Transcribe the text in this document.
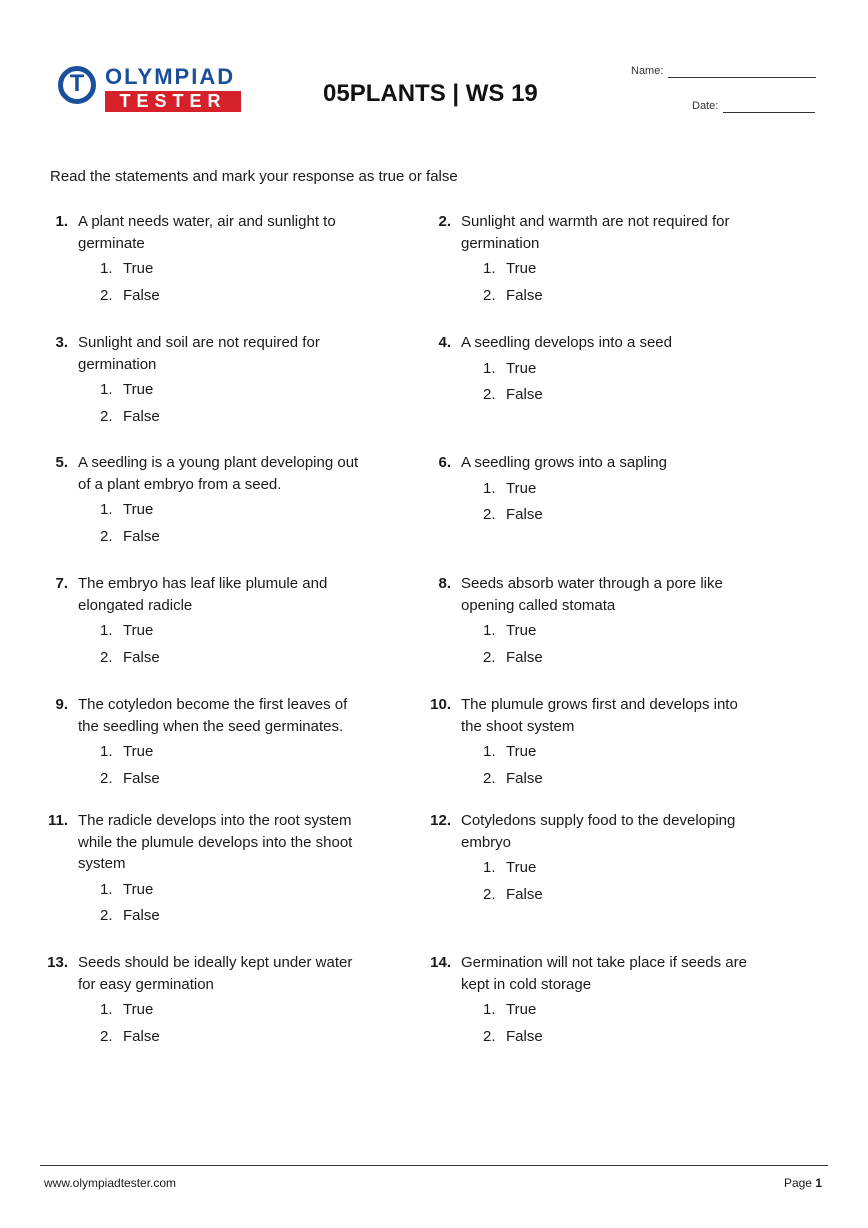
T OLYMPIAD
TESTER	05PLANTS | WS 19
Name:
Date:
Read the statements and mark your response as true or false
1. A plant needs water, air and sunlight to germinate
1. True
2. False
2. Sunlight and warmth are not required for germination
1. True
2. False
3. Sunlight and soil are not required for germination
1. True
2. False
4. A seedling develops into a seed
1. True
2. False
5. A seedling is a young plant developing out of a plant embryo from a seed.
1. True
2. False
6. A seedling grows into a sapling
1. True
2. False
7. The embryo has leaf like plumule and elongated radicle
1. True
2. False
8. Seeds absorb water through a pore like opening called stomata
1. True
2. False
9. The cotyledon become the first leaves of the seedling when the seed germinates.
1. True
2. False
10. The plumule grows first and develops into the shoot system
1. True
2. False
11. The radicle develops into the root system while the plumule develops into the shoot system
1. True
2. False
12. Cotyledons supply food to the developing embryo
1. True
2. False
13. Seeds should be ideally kept under water for easy germination
1. True
2. False
14. Germination will not take place if seeds are kept in cold storage
1. True
2. False
www.olympiadtester.com	Page 1
